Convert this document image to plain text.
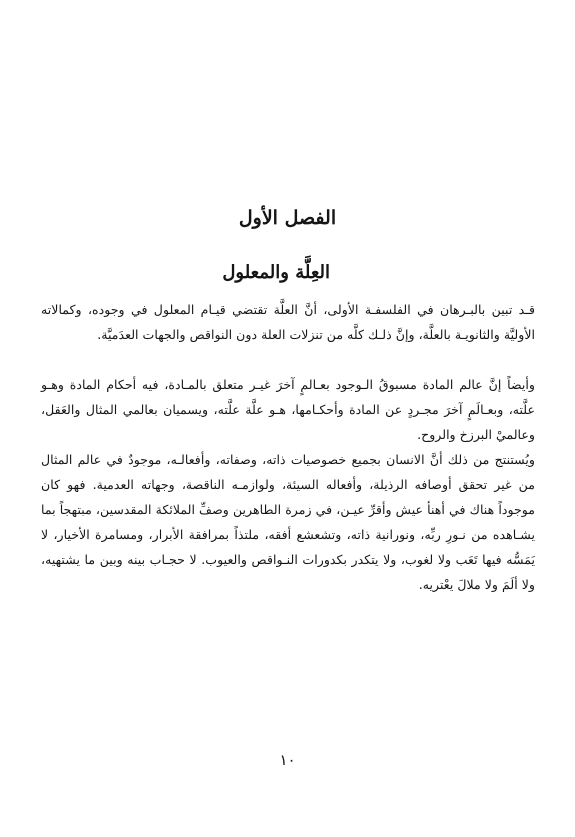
الفصل الأول
العِلَّة والمعلول

قـد تبين بالبـرهان في الفلسفـة الأولى، أنَّ العلَّة تقتضي قيـام المعلول في وجوده، وكمالاته الأوليَّة والثانويـة بالعلَّة، وإنَّ ذلـك كلَّه من تنزلات العلة دون النواقص والجهات العدَميَّة.

وأيضاً إنَّ عالم المادة مسبوقُ الـوجود بعـالمٍ آخرَ غيـر متعلق بالمـادة، فيه أحكام المادة وهـو علَّته، وبعـالَمٍ آخرَ مجـردٍ عن المادة وأحكـامها، هـو علَّة علَّته، ويسميان بعالمي المثال والعَقل، وعالميْ البرزخ والروح.

ويُستنتج من ذلك أنَّ الانسان بجميع خصوصيات ذاته، وصفاته، وأفعالـه، موجودٌ في عالم المثال من غير تحقق أوصافه الرذيلة، وأفعاله السيئة، ولوازمـه الناقصة، وجهاته العدمية. فهو كان موجوداً هناك في أهنأ عيش وأقرِّ عيـن، في زمرة الطاهرين وصفِّ الملائكة المقدسين، مبتهجاً بما يشـاهده من نـورِ ربِّه، ونورانية ذاته، وتشعشع أفقه، ملتذاً بمرافقة الأبرار، ومسامرة الأخيار، لا يَمَسُّه فيها تَعَب ولا لغوب، ولا يتكدر بكدورات النـواقص والعيوب. لا حجـاب بينه وبين ما يشتهيه، ولا ألَمَ ولا ملالَ يعْتريه.

١٠
